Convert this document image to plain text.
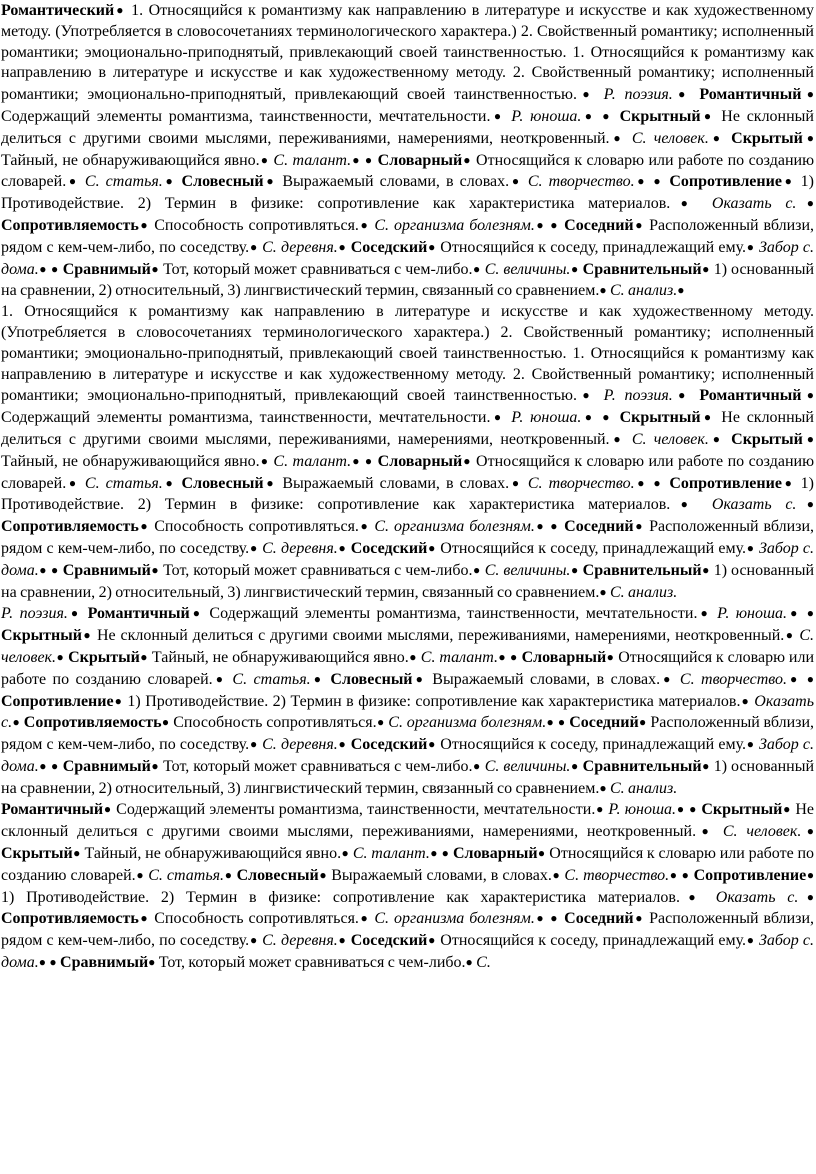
Романтический● 1. Относящийся к романтизму как направлению в литературе и искусстве и как художественному методу. (Употребляется в словосочетаниях терминологического характера.) 2. Свойственный романтику; исполненный романтики; эмоционально-приподнятый, привлекающий своей таинственностью. 1. Относящийся к романтизму как направлению в литературе и искусстве и как художественному методу. 2. Свойственный романтику; исполненный романтики; эмоционально-приподнятый, привлекающий своей таинственностью.● Р. поэзия.● Романтичный● Содержащий элементы романтизма, таинственности, мечтательности.● Р. юноша.● ● Скрытный● Не склонный делиться с другими своими мыслями, переживаниями, намерениями, неоткровенный.● С. человек.● Скрытый● Тайный, не обнаруживающийся явно.● С. талант.● ● Словарный● Относящийся к словарю или работе по созданию словарей.● С. статья.● Словесный● Выражаемый словами, в словах.● С. творчество.● ● Сопротивление● 1) Противодействие. 2) Термин в физике: сопротивление как характеристика материалов.● Оказать с.● Сопротивляемость● Способность сопротивляться.● С. организма болезням.● ● Соседний● Расположенный вблизи, рядом с кем-чем-либо, по соседству.● С. деревня.● Соседский● Относящийся к соседу, принадлежащий ему.● Забор с. дома.● ● Сравнимый● Тот, который может сравниваться с чем-либо.● С. величины.● Сравнительный● 1) основанный на сравнении, 2) относительный, 3) лингвистический термин, связанный со сравнением.● С. анализ.●

1. Относящийся к романтизму как направлению в литературе и искусстве и как художественному методу. (Употребляется в словосочетаниях терминологического характера.) 2. Свойственный романтику; исполненный романтики; эмоционально-приподнятый, привлекающий своей таинственностью. 1. Относящийся к романтизму как направлению в литературе и искусстве и как художественному методу. 2. Свойственный романтику; исполненный романтики; эмоционально-приподнятый, привлекающий своей таинственностью.● Р. поэзия.● Романтичный● Содержащий элементы романтизма, таинственности, мечтательности.● Р. юноша.● ● Скрытный● Не склонный делиться с другими своими мыслями, переживаниями, намерениями, неоткровенный.● С. человек.● Скрытый● Тайный, не обнаруживающийся явно.● С. талант.● ● Словарный● Относящийся к словарю или работе по созданию словарей.● С. статья.● Словесный● Выражаемый словами, в словах.● С. творчество.● ● Сопротивление● 1) Противодействие. 2) Термин в физике: сопротивление как характеристика материалов.● Оказать с.● Сопротивляемость● Способность сопротивляться.● С. организма болезням.● ● Соседний● Расположенный вблизи, рядом с кем-чем-либо, по соседству.● С. деревня.● Соседский● Относящийся к соседу, принадлежащий ему.● Забор с. дома.● ● Сравнимый● Тот, который может сравниваться с чем-либо.● С. величины.● Сравнительный● 1) основанный на сравнении, 2) относительный, 3) лингвистический термин, связанный со сравнением.● С. анализ.

Р. поэзия.● Романтичный● Содержащий элементы романтизма, таинственности, мечтательности.● Р. юноша.● ● Скрытный● Не склонный делиться с другими своими мыслями, переживаниями, намерениями, неоткровенный.● С. человек.● Скрытый● Тайный, не обнаруживающийся явно.● С. талант.● ● Словарный● Относящийся к словарю или работе по созданию словарей.● С. статья.● Словесный● Выражаемый словами, в словах.● С. творчество.● ● Сопротивление● 1) Противодействие. 2) Термин в физике: сопротивление как характеристика материалов.● Оказать с.● Сопротивляемость● Способность сопротивляться.● С. организма болезням.● ● Соседний● Расположенный вблизи, рядом с кем-чем-либо, по соседству.● С. деревня.● Соседский● Относящийся к соседу, принадлежащий ему.● Забор с. дома.● ● Сравнимый● Тот, который может сравниваться с чем-либо.● С. величины.● Сравнительный● 1) основанный на сравнении, 2) относительный, 3) лингвистический термин, связанный со сравнением.● С. анализ.

Романтичный● Содержащий элементы романтизма, таинственности, мечтательности.● Р. юноша.● ● Скрытный● Не склонный делиться с другими своими мыслями, переживаниями, намерениями, неоткровенный.● С. человек.● Скрытый● Тайный, не обнаруживающийся явно.● С. талант.● ● Словарный● Относящийся к словарю или работе по созданию словарей.● С. статья.● Словесный● Выражаемый словами, в словах.● С. творчество.● ● Сопротивление● 1) Противодействие. 2) Термин в физике: сопротивление как характеристика материалов.● Оказать с.● Сопротивляемость● Способность сопротивляться.● С. организма болезням.● ● Соседний● Расположенный вблизи, рядом с кем-чем-либо, по соседству.● С. деревня.● Соседский● Относящийся к соседу, принадлежащий ему.● Забор с. дома.● ● Сравнимый● Тот, который может сравниваться с чем-либо.● С.
